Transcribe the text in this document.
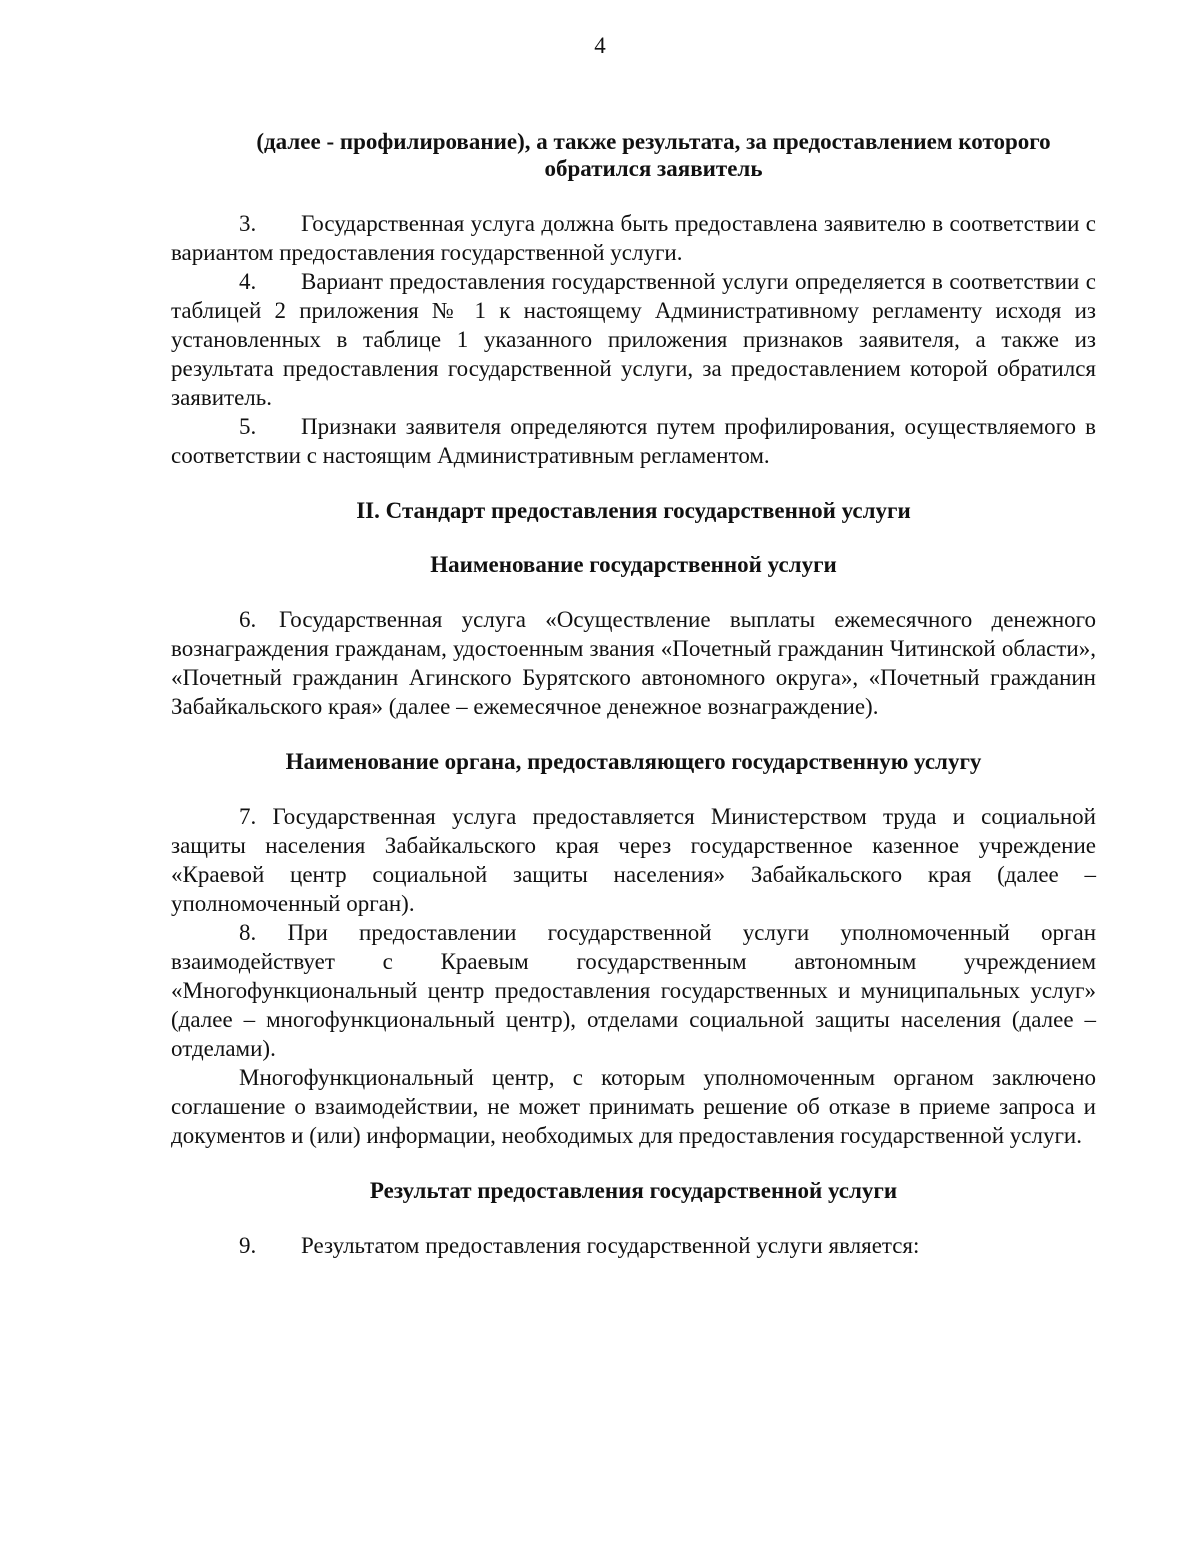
4
(далее - профилирование), а также результата, за предоставлением которого обратился заявитель

3. Государственная услуга должна быть предоставлена заявителю в соответствии с вариантом предоставления государственной услуги.

4. Вариант предоставления государственной услуги определяется в соответствии с таблицей 2 приложения № 1 к настоящему Административному регламенту исходя из установленных в таблице 1 указанного приложения признаков заявителя, а также из результата предоставления государственной услуги, за предоставлением которой обратился заявитель.

5. Признаки заявителя определяются путем профилирования, осуществляемого в соответствии с настоящим Административным регламентом.

II. Стандарт предоставления государственной услуги
Наименование государственной услуги

6. Государственная услуга «Осуществление выплаты ежемесячного денежного вознаграждения гражданам, удостоенным звания «Почетный гражданин Читинской области», «Почетный гражданин Агинского Бурятского автономного округа», «Почетный гражданин Забайкальского края» (далее – ежемесячное денежное вознаграждение).

Наименование органа, предоставляющего государственную услугу

7. Государственная услуга предоставляется Министерством труда и социальной защиты населения Забайкальского края через государственное казенное учреждение «Краевой центр социальной защиты населения» Забайкальского края (далее – уполномоченный орган).

8. При предоставлении государственной услуги уполномоченный орган взаимодействует с Краевым государственным автономным учреждением «Многофункциональный центр предоставления государственных и муниципальных услуг» (далее – многофункциональный центр), отделами социальной защиты населения (далее – отделами).

Многофункциональный центр, с которым уполномоченным органом заключено соглашение о взаимодействии, не может принимать решение об отказе в приеме запроса и документов и (или) информации, необходимых для предоставления государственной услуги.

Результат предоставления государственной услуги

9. Результатом предоставления государственной услуги является:
